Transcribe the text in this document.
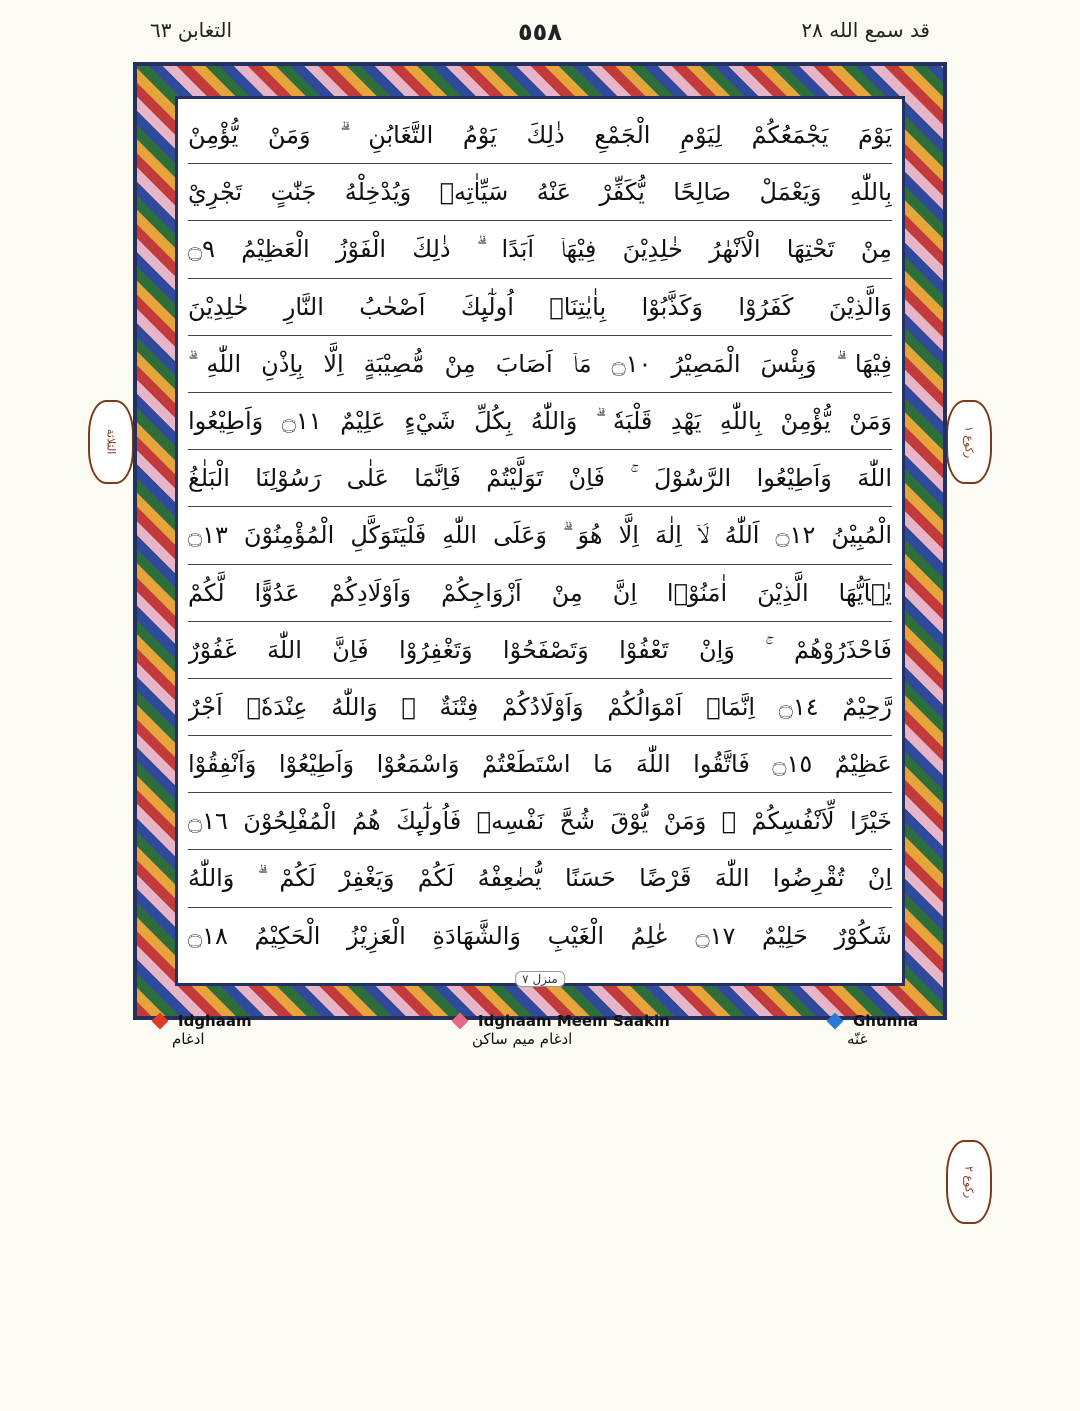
قد سمع الله ٢٨
٥٥٨
التغابن ٦٣
الثلاثة
ركوع ١
ركوع ٢
يَوْمَ يَجْمَعُكُمْ لِيَوْمِ الْجَمْعِ ذٰلِكَ يَوْمُ التَّغَابُنِ ۗ وَمَنْ يُّؤْمِنْ
بِاللّٰهِ وَيَعْمَلْ صَالِحًا يُّكَفِّرْ عَنْهُ سَيِّاٰتِهٖ وَيُدْخِلْهُ جَنّٰتٍ تَجْرِيْ
مِنْ تَحْتِهَا الْاَنْهٰرُ خٰلِدِيْنَ فِيْهَاۤ اَبَدًا ۗ ذٰلِكَ الْفَوْزُ الْعَظِيْمُ ۝٩
وَالَّذِيْنَ كَفَرُوْا وَكَذَّبُوْا بِاٰيٰتِنَاۤ اُولٰٓىِٕكَ اَصْحٰبُ النَّارِ خٰلِدِيْنَ
فِيْهَا ۗ وَبِئْسَ الْمَصِيْرُ ۝١٠ مَاۤ اَصَابَ مِنْ مُّصِيْبَةٍ اِلَّا بِاِذْنِ اللّٰهِ ۗ
وَمَنْ يُّؤْمِنْ بِاللّٰهِ يَهْدِ قَلْبَهٗ ۗ وَاللّٰهُ بِكُلِّ شَيْءٍ عَلِيْمٌ ۝١١ وَاَطِيْعُوا
اللّٰهَ وَاَطِيْعُوا الرَّسُوْلَ ۚ فَاِنْ تَوَلَّيْتُمْ فَاِنَّمَا عَلٰى رَسُوْلِنَا الْبَلٰغُ
الْمُبِيْنُ ۝١٢ اَللّٰهُ لَاۤ اِلٰهَ اِلَّا هُوَ ۗ وَعَلَى اللّٰهِ فَلْيَتَوَكَّلِ الْمُؤْمِنُوْنَ ۝١٣
يٰۤاَيُّهَا الَّذِيْنَ اٰمَنُوْۤا اِنَّ مِنْ اَزْوَاجِكُمْ وَاَوْلَادِكُمْ عَدُوًّا لَّكُمْ
فَاحْذَرُوْهُمْ ۚ وَاِنْ تَعْفُوْا وَتَصْفَحُوْا وَتَغْفِرُوْا فَاِنَّ اللّٰهَ غَفُوْرٌ
رَّحِيْمٌ ۝١٤ اِنَّمَاۤ اَمْوَالُكُمْ وَاَوْلَادُكُمْ فِتْنَةٌ ۗ وَاللّٰهُ عِنْدَهٗۤ اَجْرٌ
عَظِيْمٌ ۝١٥ فَاتَّقُوا اللّٰهَ مَا اسْتَطَعْتُمْ وَاسْمَعُوْا وَاَطِيْعُوْا وَاَنْفِقُوْا
خَيْرًا لِّاَنْفُسِكُمْ ۗ وَمَنْ يُّوْقَ شُحَّ نَفْسِهٖ فَاُولٰٓىِٕكَ هُمُ الْمُفْلِحُوْنَ ۝١٦
اِنْ تُقْرِضُوا اللّٰهَ قَرْضًا حَسَنًا يُّضٰعِفْهُ لَكُمْ وَيَغْفِرْ لَكُمْ ۗ وَاللّٰهُ
شَكُوْرٌ حَلِيْمٌ ۝١٧ عٰلِمُ الْغَيْبِ وَالشَّهَادَةِ الْعَزِيْزُ الْحَكِيْمُ ۝١٨
منزل ٧
Idghaam
ادغام
Idghaam Meem Saakin
ادغام ميم ساكن
Ghunna
غنّه
